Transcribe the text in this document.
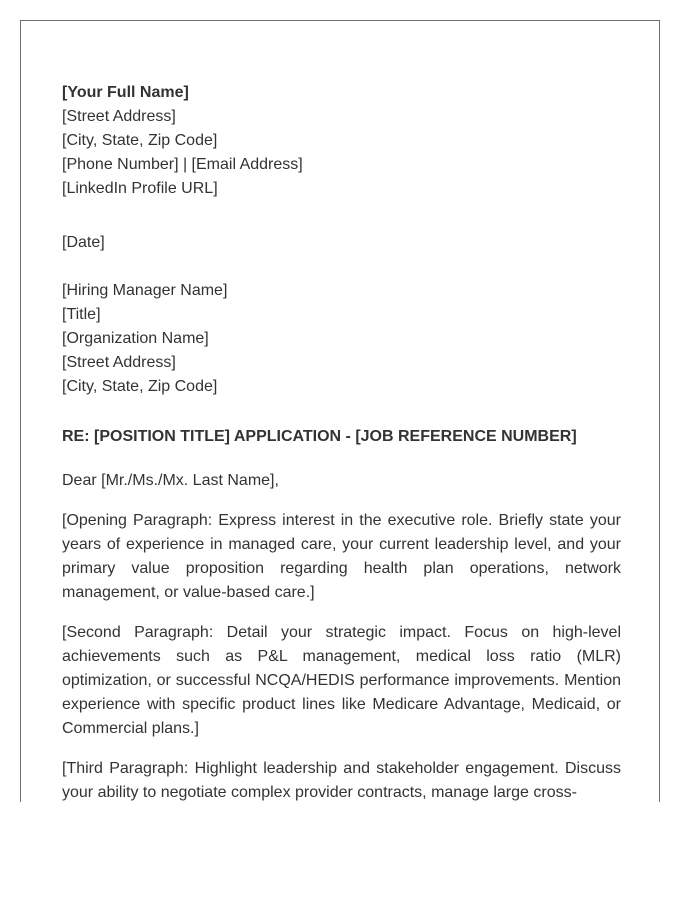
[Your Full Name]
[Street Address]
[City, State, Zip Code]
[Phone Number] | [Email Address]
[LinkedIn Profile URL]
[Date]
[Hiring Manager Name]
[Title]
[Organization Name]
[Street Address]
[City, State, Zip Code]
RE: [POSITION TITLE] APPLICATION - [JOB REFERENCE NUMBER]
Dear [Mr./Ms./Mx. Last Name],

[Opening Paragraph: Express interest in the executive role. Briefly state your years of experience in managed care, your current leadership level, and your primary value proposition regarding health plan operations, network management, or value-based care.]

[Second Paragraph: Detail your strategic impact. Focus on high-level achievements such as P&L management, medical loss ratio (MLR) optimization, or successful NCQA/HEDIS performance improvements. Mention experience with specific product lines like Medicare Advantage, Medicaid, or Commercial plans.]

[Third Paragraph: Highlight leadership and stakeholder engagement. Discuss your ability to negotiate complex provider contracts, manage large cross-
